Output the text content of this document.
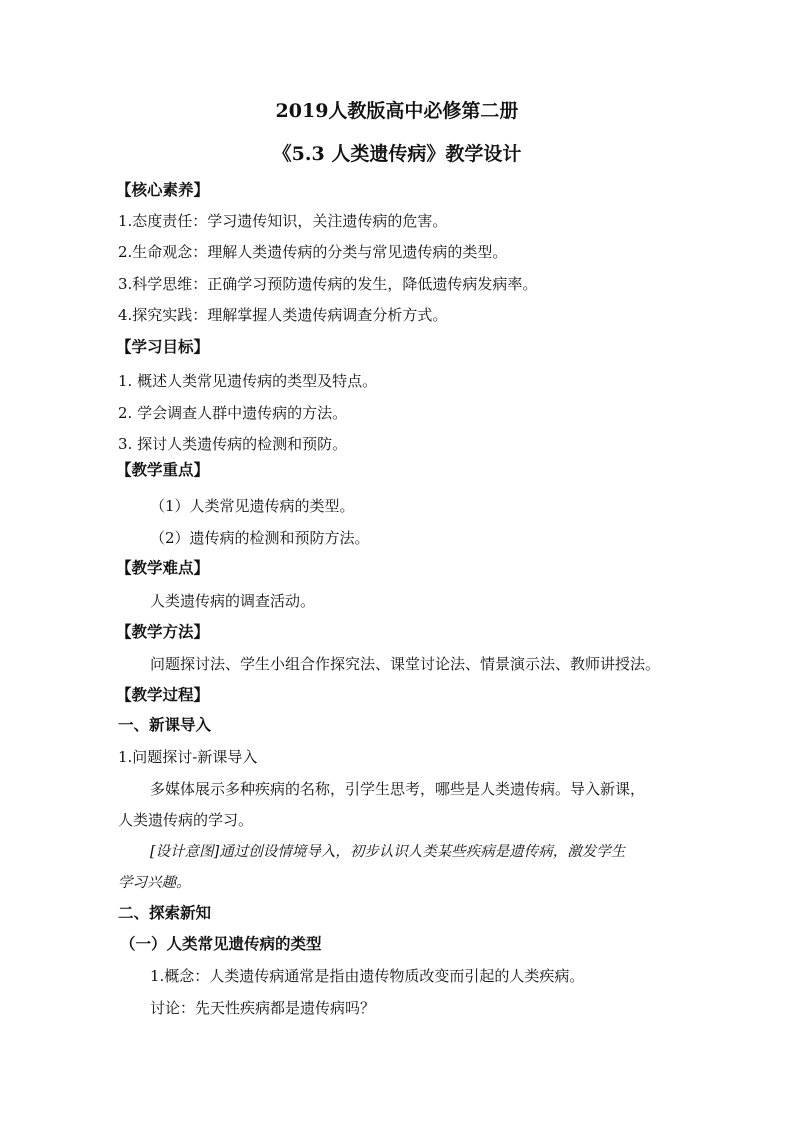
2019人教版高中必修第二册
《5.3 人类遗传病》教学设计
【核心素养】
1.态度责任：学习遗传知识，关注遗传病的危害。
2.生命观念：理解人类遗传病的分类与常见遗传病的类型。
3.科学思维：正确学习预防遗传病的发生，降低遗传病发病率。
4.探究实践：理解掌握人类遗传病调查分析方式。
【学习目标】
1. 概述人类常见遗传病的类型及特点。
2. 学会调查人群中遗传病的方法。
3. 探讨人类遗传病的检测和预防。
【教学重点】
（1）人类常见遗传病的类型。
（2）遗传病的检测和预防方法。
【教学难点】
人类遗传病的调查活动。
【教学方法】
问题探讨法、学生小组合作探究法、课堂讨论法、情景演示法、教师讲授法。
【教学过程】
一、新课导入
1.问题探讨-新课导入
多媒体展示多种疾病的名称，引学生思考，哪些是人类遗传病。导入新课，
人类遗传病的学习。
[设计意图]通过创设情境导入，初步认识人类某些疾病是遗传病，激发学生
学习兴趣。
二、探索新知
（一）人类常见遗传病的类型
1.概念：人类遗传病通常是指由遗传物质改变而引起的人类疾病。
讨论：先天性疾病都是遗传病吗？
